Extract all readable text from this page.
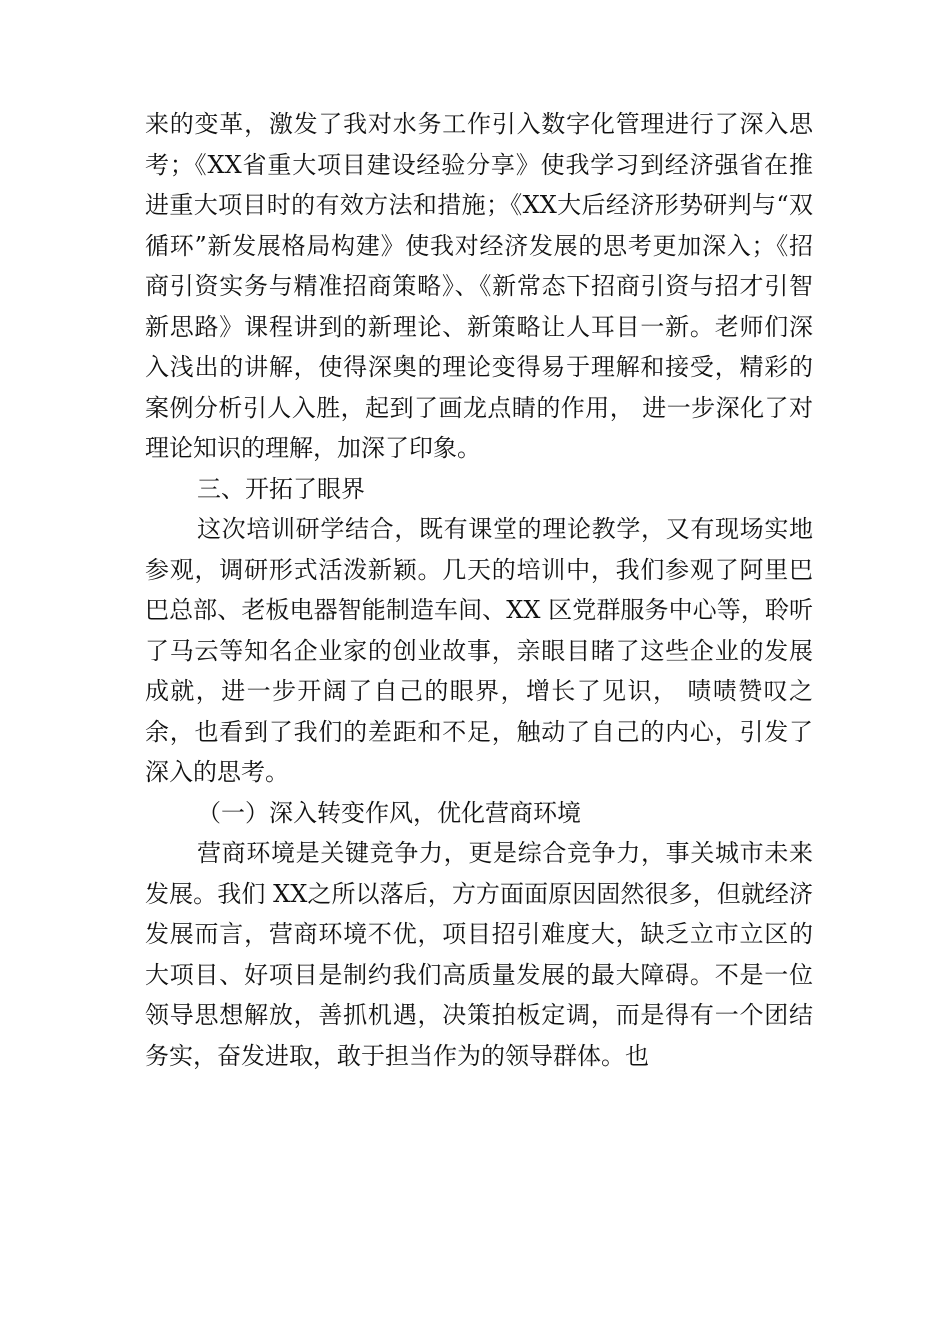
来的变革，激发了我对水务工作引入数字化管理进行了深入思考；《XX省重大项目建设经验分享》使我学习到经济强省在推进重大项目时的有效方法和措施；《XX大后经济形势研判与“双循环”新发展格局构建》使我对经济发展的思考更加深入；《招商引资实务与精准招商策略》、《新常态下招商引资与招才引智新思路》课程讲到的新理论、新策略让人耳目一新。老师们深入浅出的讲解，使得深奥的理论变得易于理解和接受，精彩的案例分析引人入胜，起到了画龙点睛的作用， 进一步深化了对理论知识的理解，加深了印象。

三、开拓了眼界

这次培训研学结合，既有课堂的理论教学，又有现场实地参观，调研形式活泼新颖。几天的培训中，我们参观了阿里巴巴总部、老板电器智能制造车间、XX 区党群服务中心等，聆听了马云等知名企业家的创业故事，亲眼目睹了这些企业的发展成就，进一步开阔了自己的眼界，增长了见识， 啧啧赞叹之余，也看到了我们的差距和不足，触动了自己的内心，引发了深入的思考。

（一）深入转变作风，优化营商环境

营商环境是关键竞争力，更是综合竞争力，事关城市未来发展。我们 XX之所以落后，方方面面原因固然很多，但就经济发展而言，营商环境不优，项目招引难度大，缺乏立市立区的大项目、好项目是制约我们高质量发展的最大障碍。不是一位领导思想解放，善抓机遇，决策拍板定调，而是得有一个团结务实，奋发进取，敢于担当作为的领导群体。也
